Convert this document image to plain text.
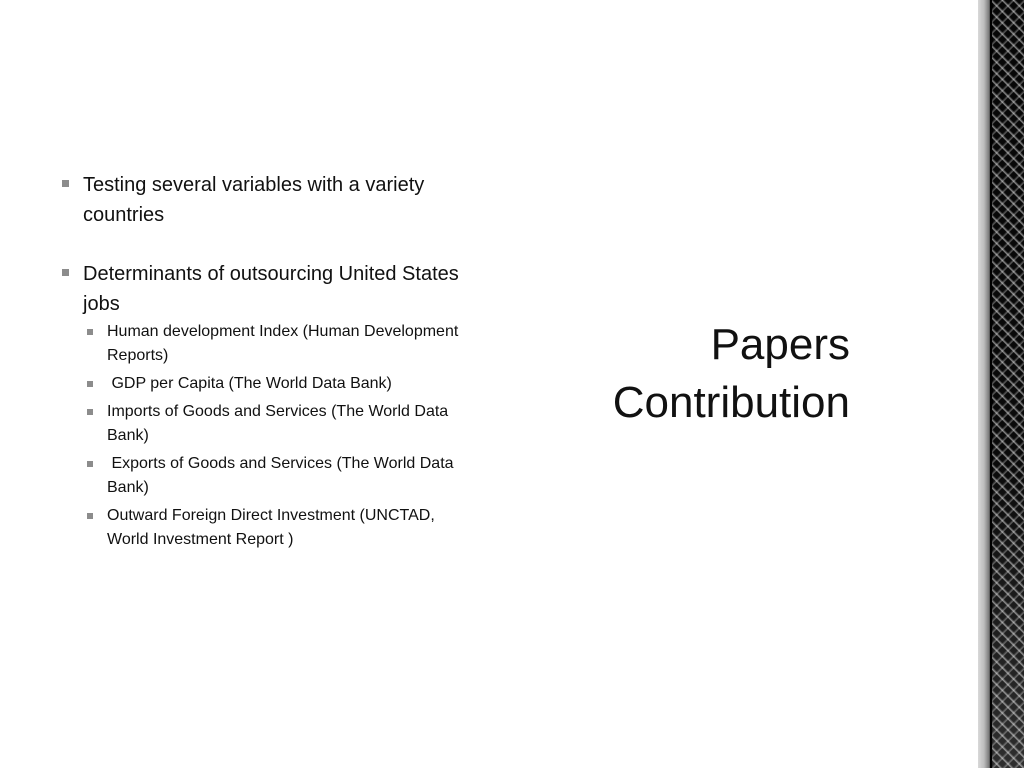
Testing several variables with a variety countries
Determinants of outsourcing United States jobs
Human development Index (Human Development Reports)
GDP per Capita (The World Data Bank)
Imports of Goods and Services (The World Data Bank)
Exports of Goods and Services (The World Data Bank)
Outward Foreign Direct Investment (UNCTAD, World Investment Report )
Papers
Contribution
